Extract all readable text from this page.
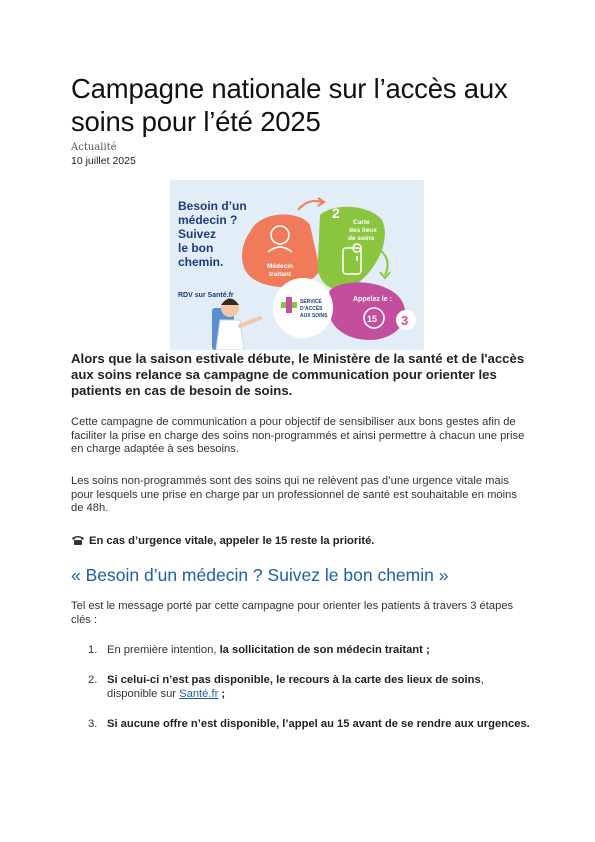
Campagne nationale sur l’accès aux soins pour l’été 2025
Actualité
10 juillet 2025
Besoin d’un
médecin ?
Suivez
le bon
chemin.
RDV sur Santé.fr
1
Médecin
traitant
2
Carte
des lieux
de soins
Appelez le :
15 3
SERVICE
D’ACCÈS
AUX SOINS

Alors que la saison estivale débute, le Ministère de la santé et de l'accès aux soins relance sa campagne de communication pour orienter les patients en cas de besoin de soins.

Cette campagne de communication a pour objectif de sensibiliser aux bons gestes afin de faciliter la prise en charge des soins non-programmés et ainsi permettre à chacun une prise en charge adaptée à ses besoins.

Les soins non-programmés sont des soins qui ne relèvent pas d’une urgence vitale mais pour lesquels une prise en charge par un professionnel de santé est souhaitable en moins de 48h.

En cas d’urgence vitale, appeler le 15 reste la priorité.
« Besoin d’un médecin ? Suivez le bon chemin »

Tel est le message porté par cette campagne pour orienter les patients à travers 3 étapes clés :

1. En première intention, la sollicitation de son médecin traitant ;
2. Si celui-ci n’est pas disponible, le recours à la carte des lieux de soins, disponible sur Santé.fr ;
3. Si aucune offre n’est disponible, l’appel au 15 avant de se rendre aux urgences.
